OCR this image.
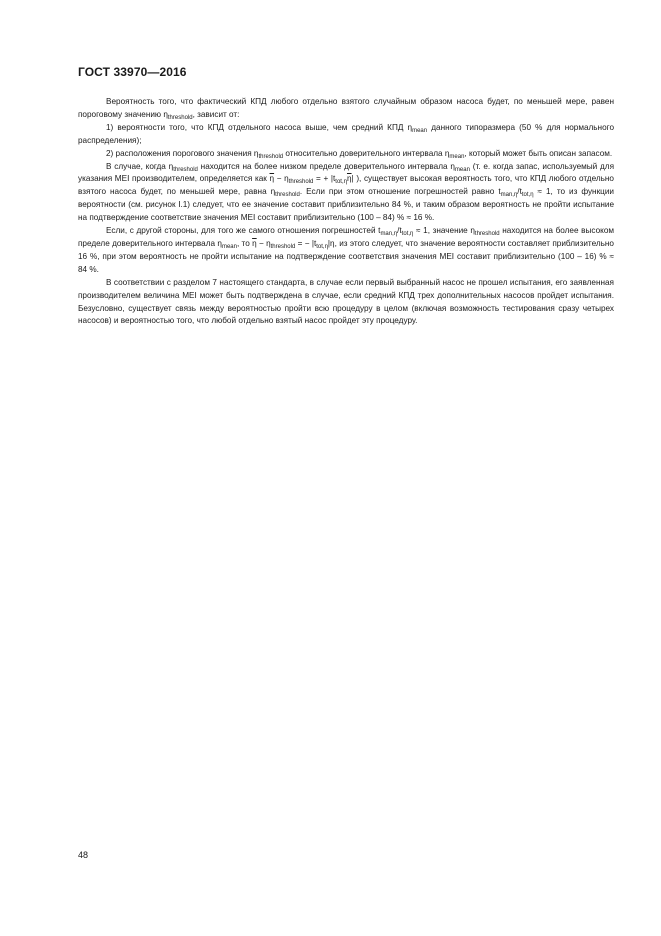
ГОСТ 33970—2016

Вероятность того, что фактический КПД любого отдельно взятого случайным образом насоса будет, по меньшей мере, равен пороговому значению $\eta_{threshold}$, зависит от:

1) вероятности того, что КПД отдельного насоса выше, чем средний КПД $\eta_{mean}$ данного типоразмера (50 % для нормального распределения);

2) расположения порогового значения $\eta_{threshold}$ относительно доверительного интервала $\eta_{mean}$, который может быть описан запасом.

В случае, когда $\eta_{threshold}$ находится на более низком пределе доверительного интервала $\eta_{mean}$ (т. е. когда запас, используемый для указания MEI производителем, определяется как $\overline{\eta} - \eta_{threshold}$ = + $|t_{tot,\eta}\overline{\eta}|$ ), существует высокая вероятность того, что КПД любого отдельно взятого насоса будет, по меньшей мере, равна $\eta_{threshold}$. Если при этом отношение погрешностей равно $t_{man,\eta}/t_{tot,\eta} \approx 1$, то из функции вероятности (см. рисунок I.1) следует, что ее значение составит приблизительно 84 %, и таким образом вероятность не пройти испытание на подтверждение соответствие значения MEI составит приблизительно (100 – 84) % ≈ 16 %.

Если, с другой стороны, для того же самого отношения погрешностей $t_{man,\eta}/t_{tot,\eta} \approx 1$, значение $\eta_{threshold}$ находится на более высоком пределе доверительного интервала $\eta_{mean}$, то $\overline{\eta} - \eta_{threshold}$ = − $|t_{tot,\eta}|\eta$, из этого следует, что значение вероятности составляет приблизительно 16 %, при этом вероятность не пройти испытание на подтверждение соответствия значения MEI составит приблизительно (100 – 16) % ≈ 84 %.

В соответствии с разделом 7 настоящего стандарта, в случае если первый выбранный насос не прошел испытания, его заявленная производителем величина MEI может быть подтверждена в случае, если средний КПД трех дополнительных насосов пройдет испытания. Безусловно, существует связь между вероятностью пройти всю процедуру в целом (включая возможность тестирования сразу четырех насосов) и вероятностью того, что любой отдельно взятый насос пройдет эту процедуру.

48
